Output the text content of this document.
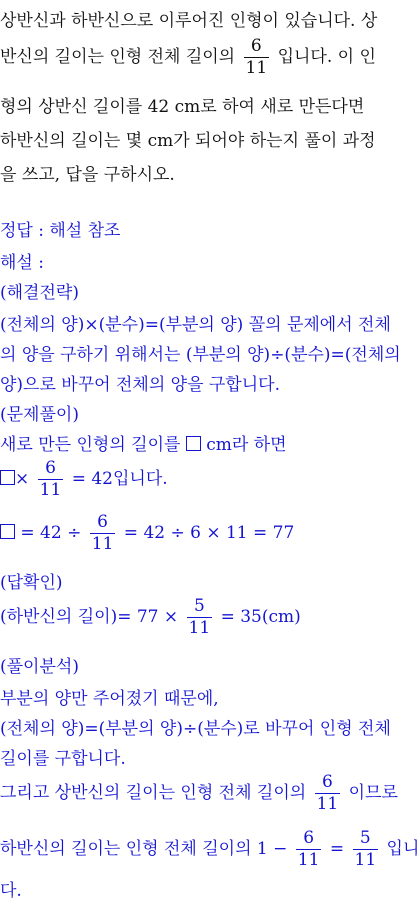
상반신과 하반신으로 이루어진 인형이 있습니다. 상
반신의 길이는 인형 전체 길이의 $\frac{6}{11}$ 입니다. 이 인
형의 상반신 길이를 42 cm로 하여 새로 만든다면
하반신의 길이는 몇 cm가 되어야 하는지 풀이 과정
을 쓰고, 답을 구하시오.
정답 : 해설 참조
해설 :
(해결전략)
(전체의 양)×(분수)=(부분의 양) 꼴의 문제에서 전체
의 양을 구하기 위해서는 (부분의 양)÷(분수)=(전체의
양)으로 바꾸어 전체의 양을 구합니다.
(문제풀이)
새로 만든 인형의 길이를 cm라 하면
× $\frac{6}{11} = 42$입니다.
= $42 \div \frac{6}{11} = 42 \div 6 \times 11 = 77$
(답확인)
(하반신의 길이)= $77 \times \frac{5}{11} = 35(cm)$
(풀이분석)
부분의 양만 주어졌기 때문에,
(전체의 양)=(부분의 양)÷(분수)로 바꾸어 인형 전체
길이를 구합니다.
그리고 상반신의 길이는 인형 전체 길이의 $\frac{6}{11}$ 이므로
하반신의 길이는 인형 전체 길이의 $1 - \frac{6}{11} = \frac{5}{11}$ 입니
다.
